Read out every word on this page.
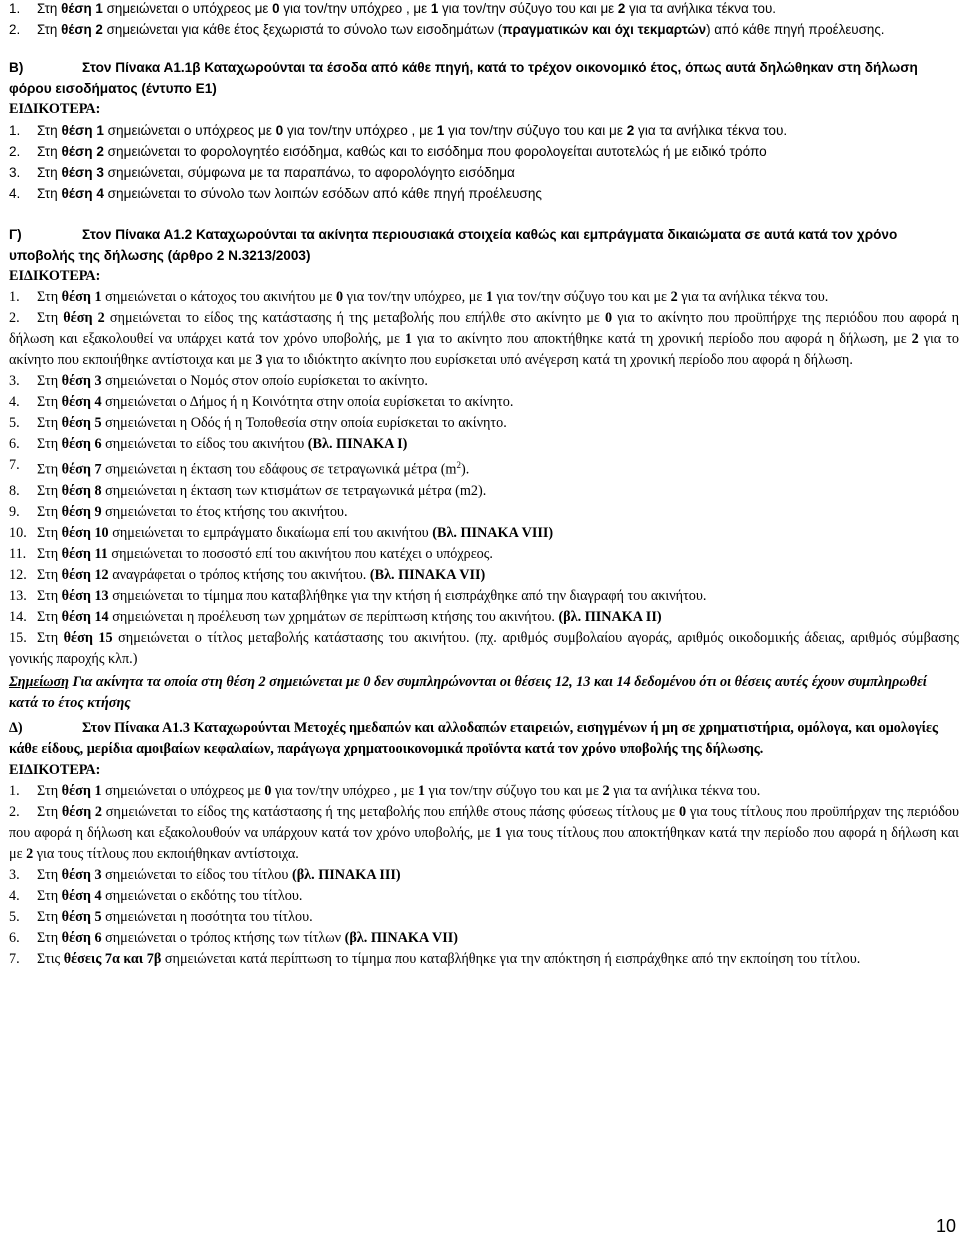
1.	Στη θέση 1 σημειώνεται ο υπόχρεος με 0 για τον/την υπόχρεο , με 1 για τον/την σύζυγο του και με 2 για τα ανήλικα τέκνα του.
2.	Στη θέση 2 σημειώνεται για κάθε έτος ξεχωριστά το σύνολο των εισοδημάτων (πραγματικών και όχι τεκμαρτών) από κάθε πηγή προέλευσης.
Β)	Στον Πίνακα Α1.1β Καταχωρούνται τα έσοδα από κάθε πηγή, κατά το τρέχον οικονομικό έτος, όπως αυτά δηλώθηκαν στη δήλωση φόρου εισοδήματος (έντυπο Ε1)
ΕΙΔΙΚΟΤΕΡΑ:
1.	Στη θέση 1 σημειώνεται ο υπόχρεος με 0 για τον/την υπόχρεο , με 1 για τον/την σύζυγο του και με 2 για τα ανήλικα τέκνα του.
2.	Στη θέση 2 σημειώνεται το φορολογητέο εισόδημα, καθώς και το εισόδημα που φορολογείται αυτοτελώς ή με ειδικό τρόπο
3.	Στη θέση 3 σημειώνεται, σύμφωνα με τα παραπάνω, το αφορολόγητο εισόδημα
4.	Στη θέση 4 σημειώνεται το σύνολο των λοιπών εσόδων από κάθε πηγή προέλευσης
Γ)	Στον Πίνακα Α1.2 Καταχωρούνται τα ακίνητα περιουσιακά στοιχεία καθώς και εμπράγματα δικαιώματα σε αυτά κατά τον χρόνο υποβολής της δήλωσης (άρθρο 2 Ν.3213/2003)
ΕΙΔΙΚΟΤΕΡΑ:
1.	Στη θέση 1 σημειώνεται ο κάτοχος του ακινήτου με 0 για τον/την υπόχρεο, με 1 για τον/την σύζυγο του και με 2 για τα ανήλικα τέκνα του.
2. Στη θέση 2 σημειώνεται το είδος της κατάστασης ή της μεταβολής που επήλθε στο ακίνητο με 0 για το ακίνητο που προϋπήρχε της περιόδου που αφορά η δήλωση και εξακολουθεί να υπάρχει κατά τον χρόνο υποβολής, με 1 για το ακίνητο που αποκτήθηκε κατά τη χρονική περίοδο που αφορά η δήλωση, με 2 για το ακίνητο που εκποιήθηκε αντίστοιχα και με 3 για το ιδιόκτητο ακίνητο που ευρίσκεται υπό ανέγερση κατά τη χρονική περίοδο που αφορά η δήλωση.
3.	Στη θέση 3 σημειώνεται ο Νομός στον οποίο ευρίσκεται το ακίνητο.
4.	Στη θέση 4 σημειώνεται ο Δήμος ή η Κοινότητα στην οποία ευρίσκεται το ακίνητο.
5.	Στη θέση 5 σημειώνεται η Οδός ή η Τοποθεσία στην οποία ευρίσκεται το ακίνητο.
6.	Στη θέση 6 σημειώνεται το είδος του ακινήτου (Βλ. ΠΙΝΑΚΑ Ι)
7.	Στη θέση 7 σημειώνεται η έκταση του εδάφους σε τετραγωνικά μέτρα $(m^2)$.
8.	Στη θέση 8 σημειώνεται η έκταση των κτισμάτων σε τετραγωνικά μέτρα (m2).
9.	Στη θέση 9 σημειώνεται το έτος κτήσης του ακινήτου.
10. Στη θέση 10 σημειώνεται το εμπράγματο δικαίωμα επί του ακινήτου (Βλ. ΠΙΝΑΚΑ VIII)
11. Στη θέση 11 σημειώνεται το ποσοστό επί του ακινήτου που κατέχει ο υπόχρεος.
12. Στη θέση 12 αναγράφεται ο τρόπος κτήσης του ακινήτου. (Βλ. ΠΙΝΑΚΑ VII)
13. Στη θέση 13 σημειώνεται το τίμημα που καταβλήθηκε για την κτήση ή εισπράχθηκε από την διαγραφή του ακινήτου.
14. Στη θέση 14 σημειώνεται η προέλευση των χρημάτων σε περίπτωση κτήσης του ακινήτου. (βλ. ΠΙΝΑΚΑ ΙΙ)
15. Στη θέση 15 σημειώνεται ο τίτλος μεταβολής κατάστασης του ακινήτου. (πχ. αριθμός συμβολαίου αγοράς, αριθμός οικοδομικής άδειας, αριθμός σύμβασης γονικής παροχής κλπ.)
Σημείωση Για ακίνητα τα οποία στη θέση 2 σημειώνεται με 0 δεν συμπληρώνονται οι θέσεις 12, 13 και 14 δεδομένου ότι οι θέσεις αυτές έχουν συμπληρωθεί κατά το έτος κτήσης
Δ)	Στον Πίνακα Α1.3 Καταχωρούνται Μετοχές ημεδαπών και αλλοδαπών εταιρειών, εισηγμένων ή μη σε χρηματιστήρια, ομόλογα, και ομολογίες κάθε είδους, μερίδια αμοιβαίων κεφαλαίων, παράγωγα χρηματοοικονομικά προϊόντα κατά τον χρόνο υποβολής της δήλωσης.
ΕΙΔΙΚΟΤΕΡΑ:
1.	Στη θέση 1 σημειώνεται ο υπόχρεος με 0 για τον/την υπόχρεο , με 1 για τον/την σύζυγο του και με 2 για τα ανήλικα τέκνα του.
2. Στη θέση 2 σημειώνεται το είδος της κατάστασης ή της μεταβολής που επήλθε στους πάσης φύσεως τίτλους με 0 για τους τίτλους που προϋπήρχαν της περιόδου που αφορά η δήλωση και εξακολουθούν να υπάρχουν κατά τον χρόνο υποβολής, με 1 για τους τίτλους που αποκτήθηκαν κατά την περίοδο που αφορά η δήλωση και με 2 για τους τίτλους που εκποιήθηκαν αντίστοιχα.
3.	Στη θέση 3 σημειώνεται το είδος του τίτλου (βλ. ΠΙΝΑΚΑ ΙΙΙ)
4.	Στη θέση 4 σημειώνεται ο εκδότης του τίτλου.
5.	Στη θέση 5 σημειώνεται η ποσότητα του τίτλου.
6.	Στη θέση 6 σημειώνεται ο τρόπος κτήσης των τίτλων (βλ. ΠΙΝΑΚΑ VII)
7. Στις θέσεις 7α και 7β σημειώνεται κατά περίπτωση το τίμημα που καταβλήθηκε για την απόκτηση ή εισπράχθηκε από την εκποίηση του τίτλου.
10
